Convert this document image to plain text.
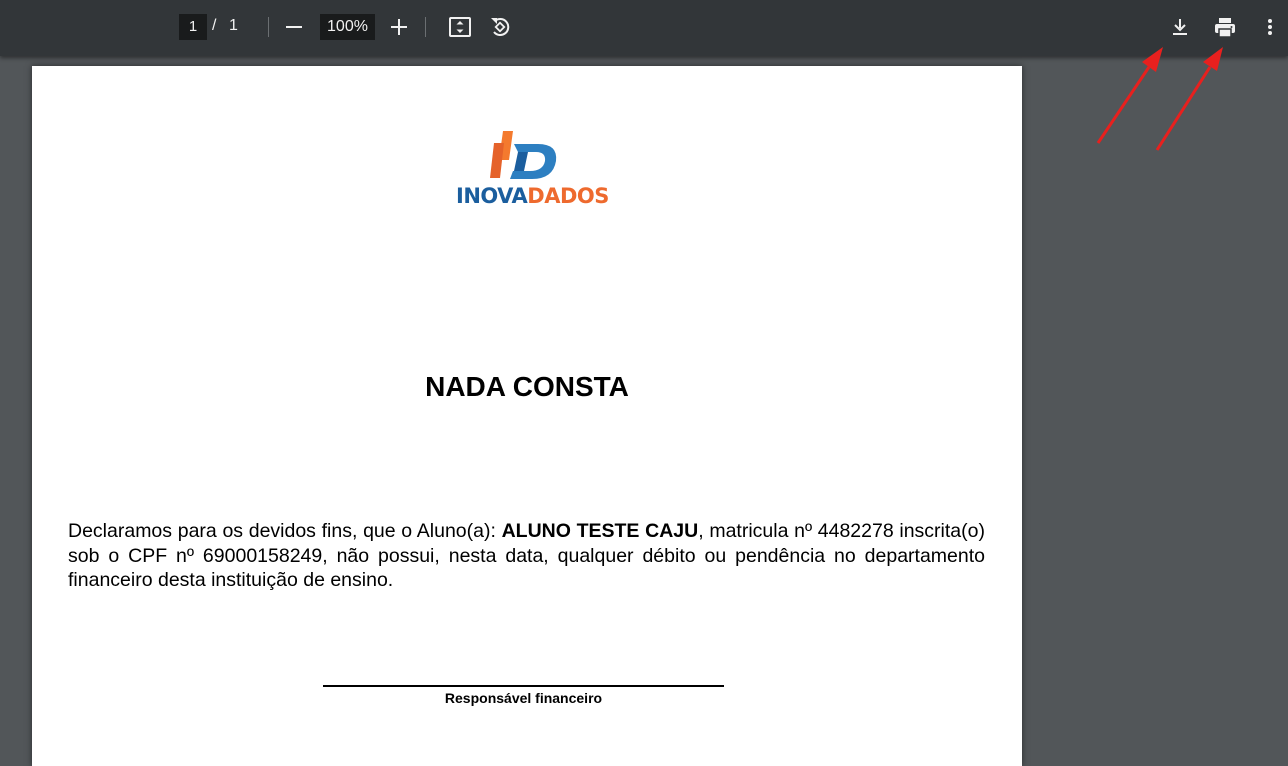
1
/ 1	100%
INOVADADOS
NADA CONSTA
Declaramos para os devidos fins, que o Aluno(a): ALUNO TESTE CAJU, matricula nº 4482278 inscrita(o) sob o CPF nº 69000158249, não possui, nesta data, qualquer débito ou pendência no departamento financeiro desta instituição de ensino.
Responsável financeiro
